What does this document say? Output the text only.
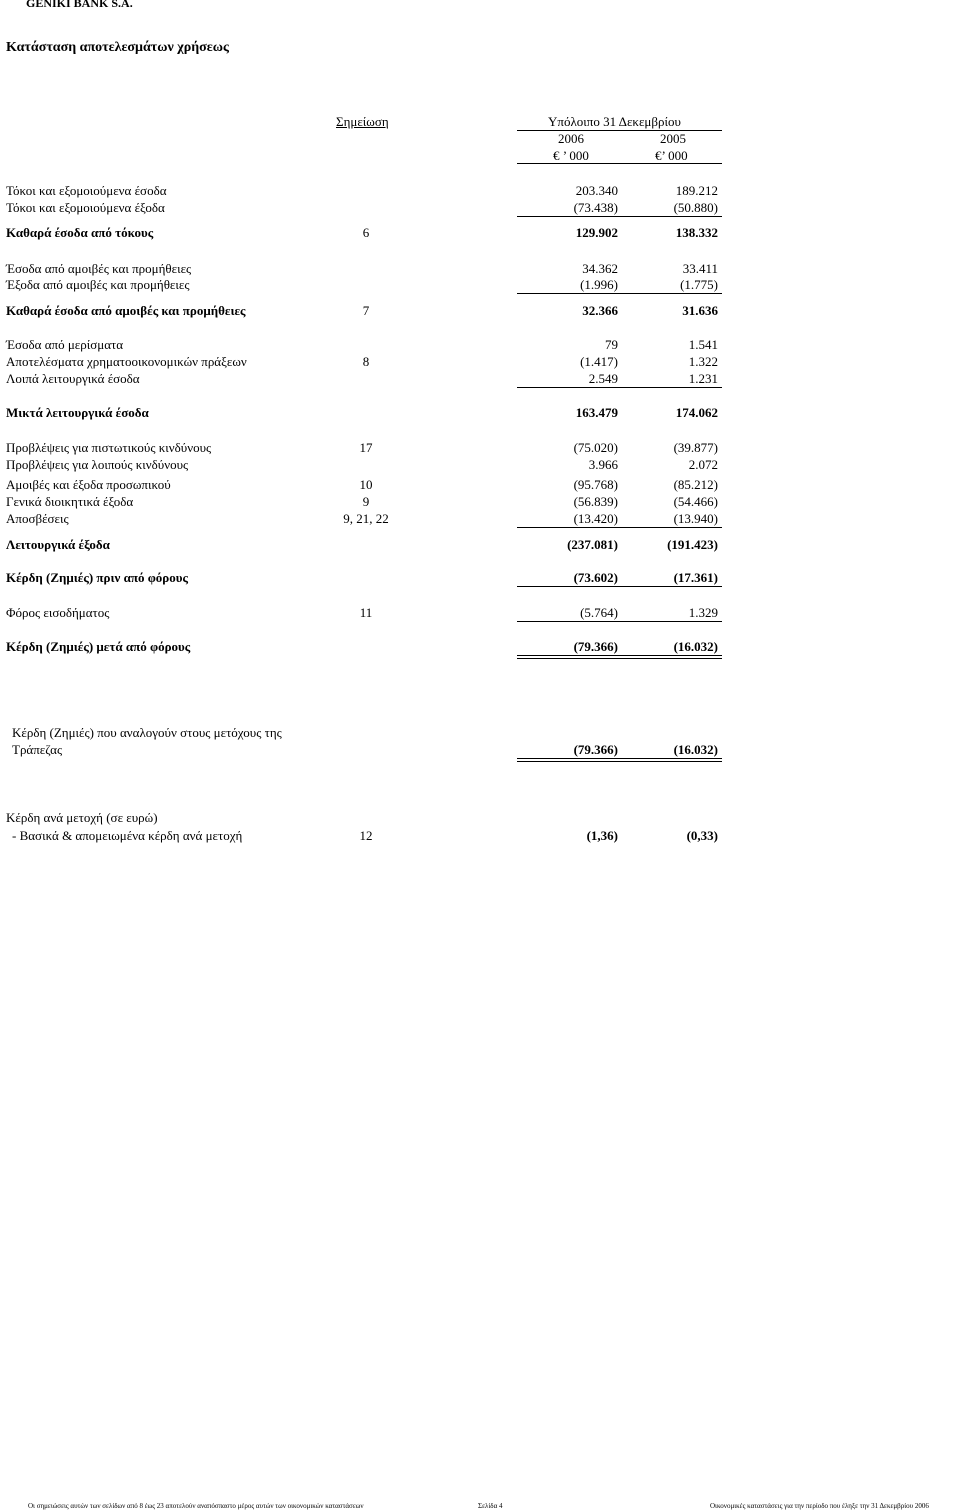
GENIKI BANK S.A.
Κατάσταση αποτελεσμάτων χρήσεως
Σημείωση	Υπόλοιπο 31 Δεκεμβρίου
2006	2005
€ ’ 000	€’ 000
Τόκοι και εξομοιούμενα έσοδα	203.340	189.212
Τόκοι και εξομοιούμενα έξοδα	(73.438)	(50.880)
Καθαρά έσοδα από τόκους	6	129.902	138.332
Έσοδα από αμοιβές και προμήθειες	34.362	33.411
Έξοδα από αμοιβές και προμήθειες	(1.996)	(1.775)
Καθαρά έσοδα από αμοιβές και προμήθειες	7	32.366	31.636
Έσοδα από μερίσματα	79	1.541
Αποτελέσματα χρηματοοικονομικών πράξεων	8	(1.417)	1.322
Λοιπά λειτουργικά έσοδα	2.549	1.231
Μικτά λειτουργικά έσοδα	163.479	174.062
Προβλέψεις για πιστωτικούς κινδύνους	17	(75.020)	(39.877)
Προβλέψεις για λοιπούς κινδύνους	3.966	2.072
Αμοιβές και έξοδα προσωπικού	10	(95.768)	(85.212)
Γενικά διοικητικά έξοδα	9	(56.839)	(54.466)
Αποσβέσεις	9, 21, 22	(13.420)	(13.940)
Λειτουργικά έξοδα	(237.081)	(191.423)
Κέρδη (Ζημιές) πριν από φόρους	(73.602)	(17.361)
Φόρος εισοδήματος	11	(5.764)	1.329
Κέρδη (Ζημιές) μετά από φόρους	(79.366)	(16.032)
Κέρδη (Ζημιές) που αναλογούν στους μετόχους της
Τράπεζας	(79.366)	(16.032)
Κέρδη ανά μετοχή (σε ευρώ)
- Βασικά & απομειωμένα κέρδη ανά μετοχή	12	(1,36)	(0,33)
Οι σημειώσεις αυτών των σελίδων από 8 έως 23 αποτελούν αναπόσπαστο μέρος αυτών των οικονομικών καταστάσεων	Σελίδα 4	Οικονομικές καταστάσεις για την περίοδο που έληξε την 31 Δεκεμβρίου 2006
